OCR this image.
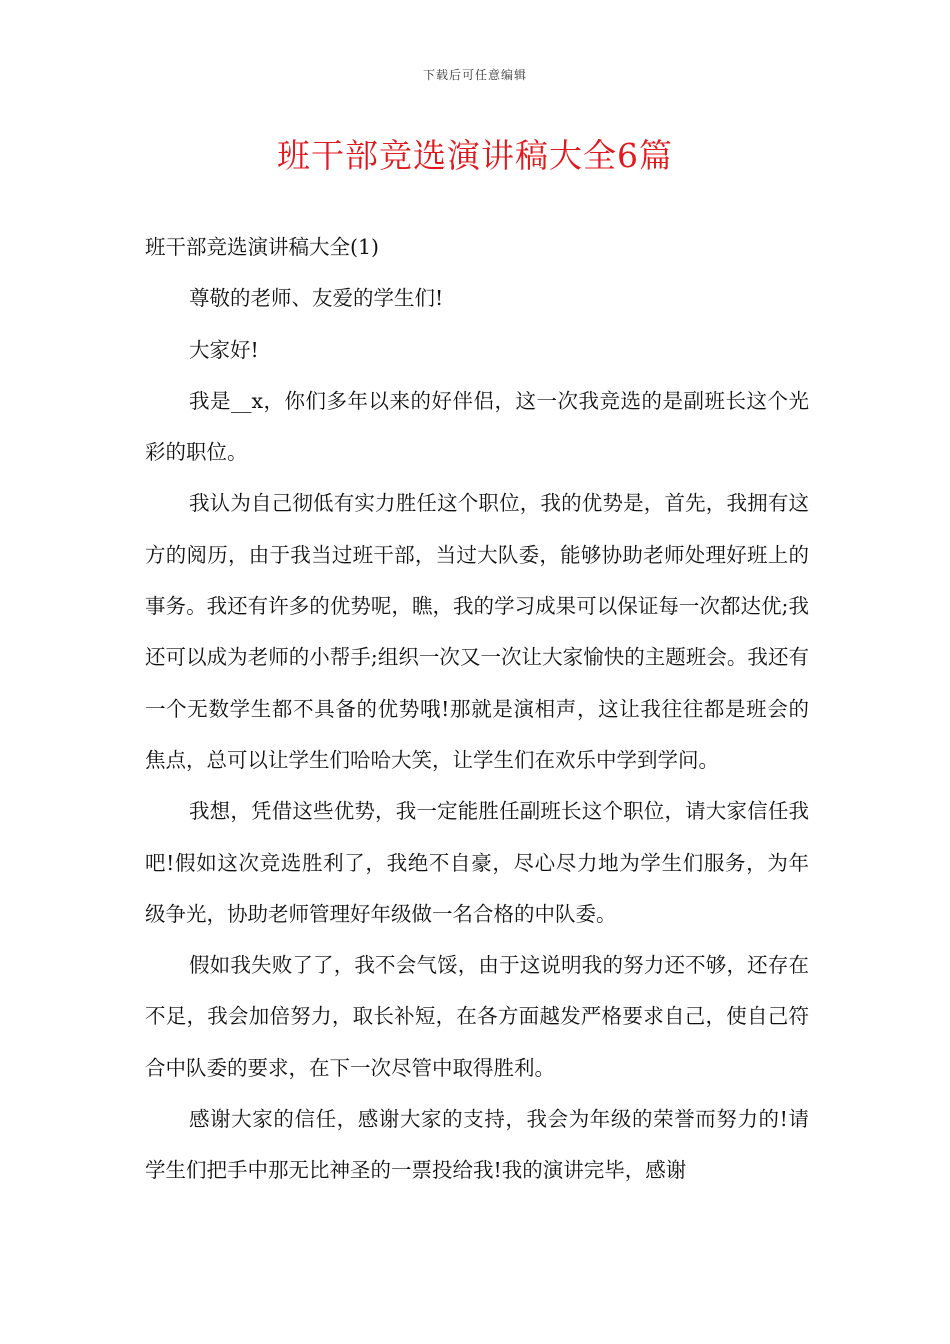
下载后可任意编辑
班干部竞选演讲稿大全6篇

班干部竞选演讲稿大全(1)

尊敬的老师、友爱的学生们!

大家好!

我是__x，你们多年以来的好伴侣，这一次我竞选的是副班长这个光彩的职位。

我认为自己彻低有实力胜任这个职位，我的优势是，首先，我拥有这方的阅历，由于我当过班干部，当过大队委，能够协助老师处理好班上的事务。我还有许多的优势呢，瞧，我的学习成果可以保证每一次都达优;我还可以成为老师的小帮手;组织一次又一次让大家愉快的主题班会。我还有一个无数学生都不具备的优势哦!那就是演相声，这让我往往都是班会的焦点，总可以让学生们哈哈大笑，让学生们在欢乐中学到学问。

我想，凭借这些优势，我一定能胜任副班长这个职位，请大家信任我吧!假如这次竞选胜利了，我绝不自豪，尽心尽力地为学生们服务，为年级争光，协助老师管理好年级做一名合格的中队委。

假如我失败了了，我不会气馁，由于这说明我的努力还不够，还存在不足，我会加倍努力，取长补短，在各方面越发严格要求自己，使自己符合中队委的要求，在下一次尽管中取得胜利。

感谢大家的信任，感谢大家的支持，我会为年级的荣誉而努力的!请学生们把手中那无比神圣的一票投给我!我的演讲完毕，感谢
